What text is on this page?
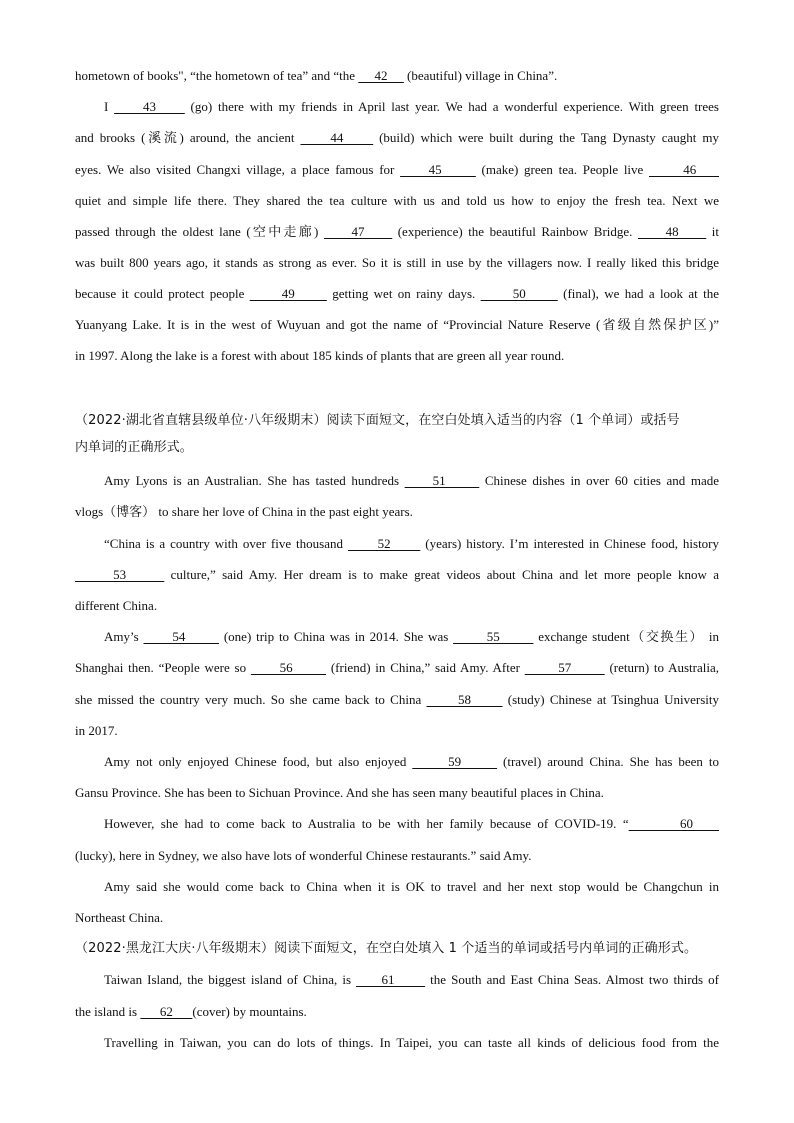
hometown of books", “the hometown of tea” and “the      42      (beautiful) village in China”.
I      43      (go) there with my friends in April last year. We had a wonderful experience. With green trees
and brooks (溪流) around, the ancient      44      (build) which were built during the Tang Dynasty caught my
eyes. We also visited Changxi village, a place famous for      45       (make) green tea. People live       46
quiet and simple life there. They shared the tea culture with us and told us how to enjoy the fresh tea. Next we
passed through the oldest lane (空中走廊)      47      (experience) the beautiful Rainbow Bridge.      48      it
was built 800 years ago, it stands as strong as ever. So it is still in use by the villagers now. I really liked this bridge
because it could protect people       49       getting wet on rainy days.       50       (final), we had a look at the
Yuanyang Lake. It is in the west of Wuyuan and got the name of “Provincial Nature Reserve (省级自然保护区)”
in 1997. Along the lake is a forest with about 185 kinds of plants that are green all year round.
（2022·湖北省直辖县级单位·八年级期末）阅读下面短文，在空白处填入适当的内容（1 个单词）或括号
内单词的正确形式。
Amy Lyons is an Australian. She has tasted hundreds      51       Chinese dishes in over 60 cities and made
vlogs（博客） to share her love of China in the past eight years.
“China is a country with over five thousand       52       (years) history. I’m interested in Chinese food, history
53       culture,” said Amy. Her dream is to make great videos about China and let more people know a
different China.
Amy’s       54        (one) trip to China was in 2014. She was        55        exchange student（交换生） in
Shanghai then. “People were so       56        (friend) in China,” said Amy. After        57        (return) to Australia,
she missed the country very much. So she came back to China       58       (study) Chinese at Tsinghua University
in 2017.
Amy not only enjoyed Chinese food, but also enjoyed       59       (travel) around China. She has been to
Gansu Province. She has been to Sichuan Province. And she has seen many beautiful places in China.
However, she had to come back to Australia to be with her family because of COVID-19. “        60
(lucky), here in Sydney, we also have lots of wonderful Chinese restaurants.” said Amy.
Amy said she would come back to China when it is OK to travel and her next stop would be Changchun in
Northeast China.
（2022·黑龙江大庆·八年级期末）阅读下面短文，在空白处填入 1 个适当的单词或括号内单词的正确形式。
Taiwan Island, the biggest island of China, is      61       the South and East China Seas. Almost two thirds of
the island is       62      (cover) by mountains.
Travelling in Taiwan, you can do lots of things. In Taipei, you can taste all kinds of delicious food from the
